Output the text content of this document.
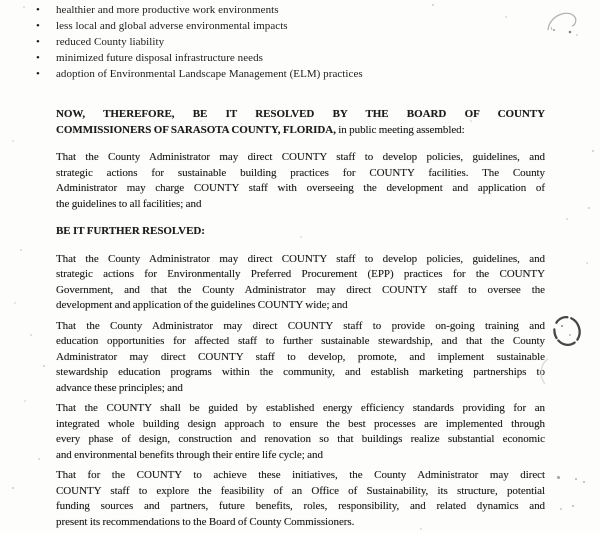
• healthier and more productive work environments
• less local and global adverse environmental impacts
• reduced County liability
• minimized future disposal infrastructure needs
• adoption of Environmental Landscape Management (ELM) practices
NOW, THEREFORE, BE IT RESOLVED BY THE BOARD OF COUNTY
COMMISSIONERS OF SARASOTA COUNTY, FLORIDA, in public meeting assembled:
That the County Administrator may direct COUNTY staff to develop policies, guidelines, and
strategic actions for sustainable building practices for COUNTY facilities. The County
Administrator may charge COUNTY staff with overseeing the development and application of
the guidelines to all facilities; and
BE IT FURTHER RESOLVED:
That the County Administrator may direct COUNTY staff to develop policies, guidelines, and
strategic actions for Environmentally Preferred Procurement (EPP) practices for the COUNTY
Government, and that the County Administrator may direct COUNTY staff to oversee the
development and application of the guidelines COUNTY wide; and
That the County Administrator may direct COUNTY staff to provide on-going training and
education opportunities for affected staff to further sustainable stewardship, and that the County
Administrator may direct COUNTY staff to develop, promote, and implement sustainable
stewardship education programs within the community, and establish marketing partnerships to
advance these principles; and
That the COUNTY shall be guided by established energy efficiency standards providing for an
integrated whole building design approach to ensure the best processes are implemented through
every phase of design, construction and renovation so that buildings realize substantial economic
and environmental benefits through their entire life cycle; and
That for the COUNTY to achieve these initiatives, the County Administrator may direct
COUNTY staff to explore the feasibility of an Office of Sustainability, its structure, potential
funding sources and partners, future benefits, roles, responsibility, and related dynamics and
present its recommendations to the Board of County Commissioners.
